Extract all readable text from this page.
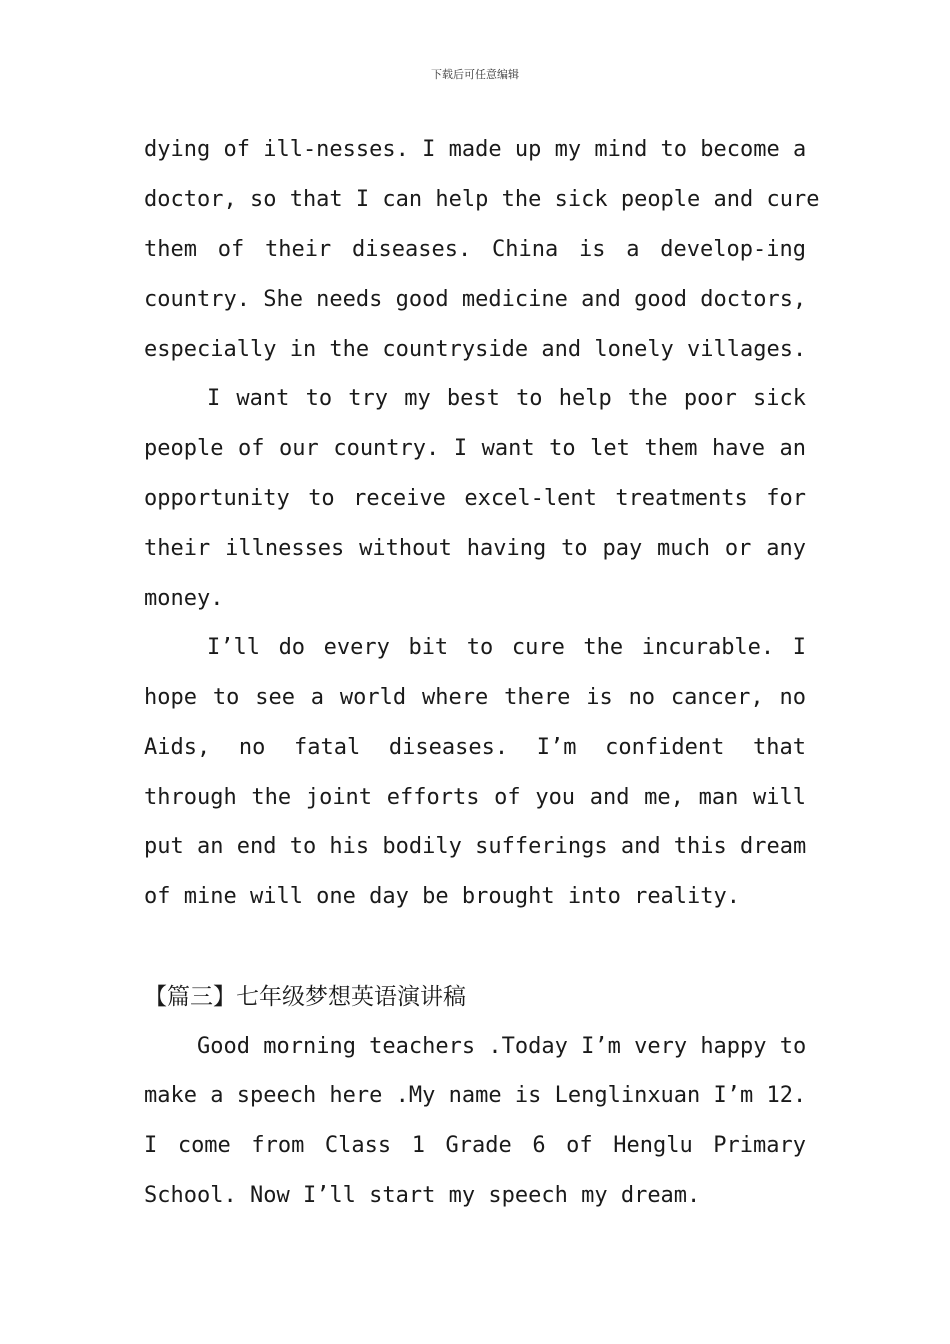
下载后可任意编辑
dying of ill-nesses. I made up my mind to become a
doctor, so that I can help the sick people and cure
them of their diseases. China is a develop-ing
country. She needs good medicine and good doctors,
especially in the countryside and lonely villages.
I want to try my best to help the poor sick
people of our country. I want to let them have an
opportunity to receive excel-lent treatments for
their illnesses without having to pay much or any
money.
I’ll do every bit to cure the incurable. I
hope to see a world where there is no cancer, no
Aids, no fatal diseases. I’m confident that
through the joint efforts of you and me, man will
put an end to his bodily sufferings and this dream
of mine will one day be brought into reality.
【篇三】七年级梦想英语演讲稿
Good morning teachers .Today I’m very happy to
make a speech here .My name is Lenglinxuan I’m 12.
I come from Class 1 Grade 6 of Henglu Primary
School. Now I’ll start my speech my dream.
